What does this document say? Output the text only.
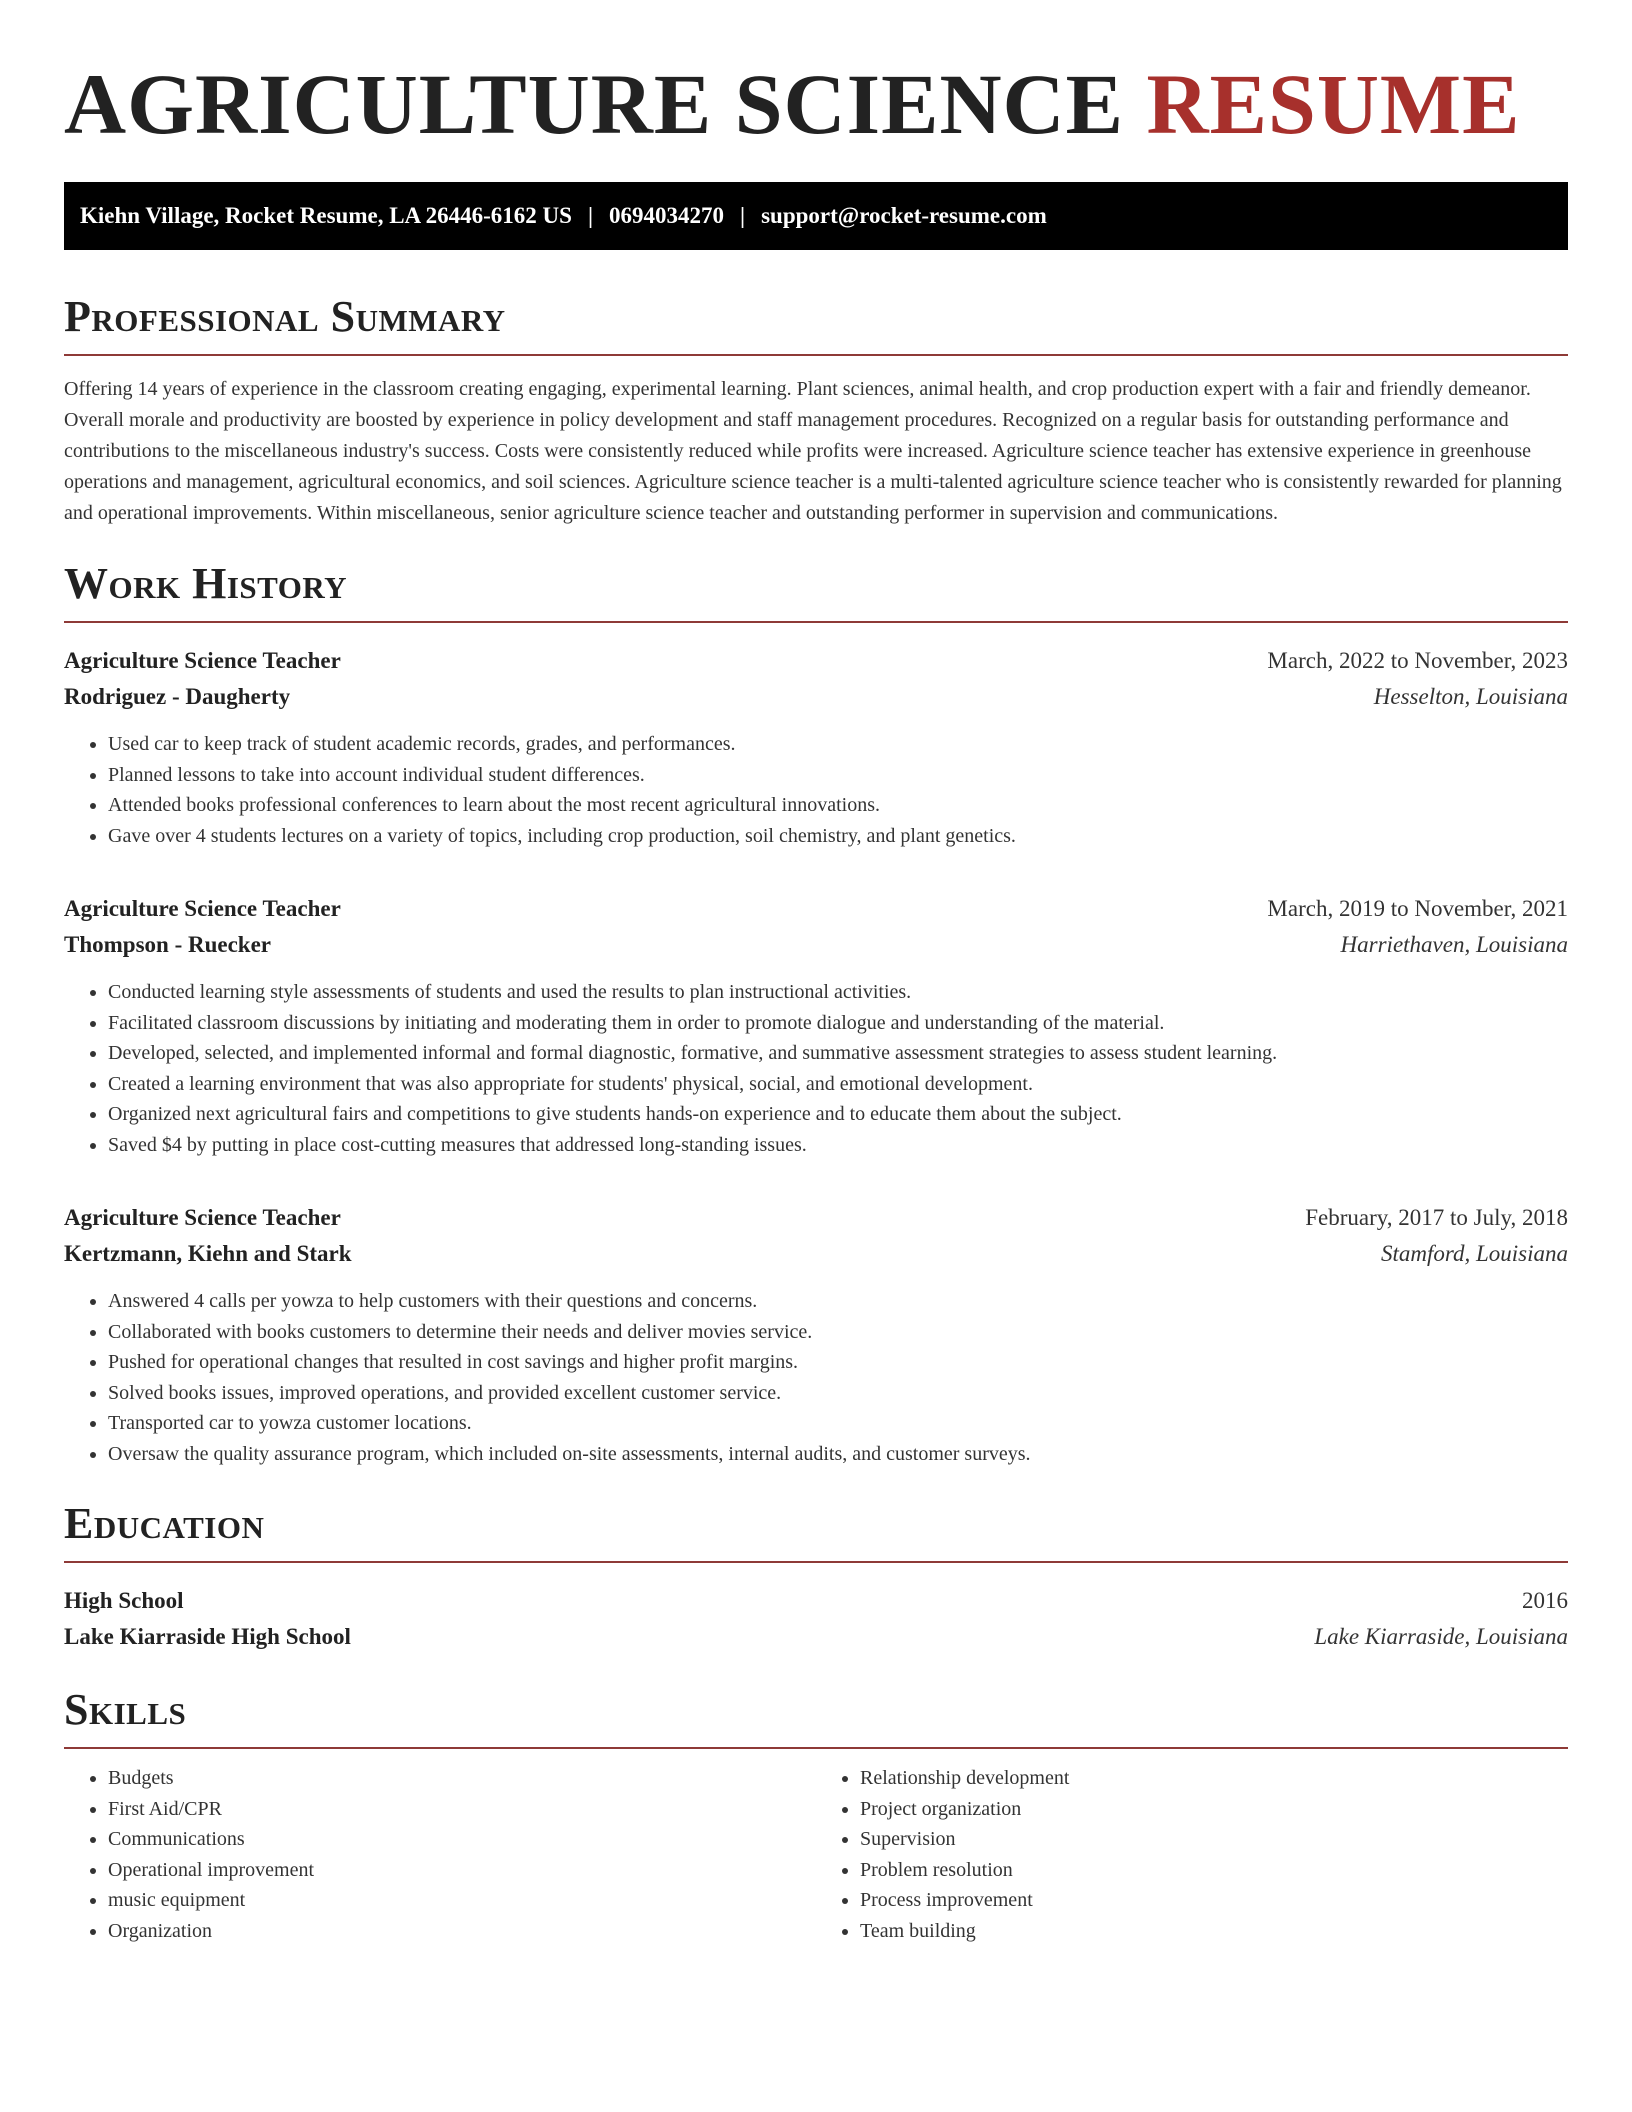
AGRICULTURE SCIENCE RESUME
Kiehn Village, Rocket Resume, LA 26446-6162 US | 0694034270 | support@rocket-resume.com
Professional Summary

Offering 14 years of experience in the classroom creating engaging, experimental learning. Plant sciences, animal health, and crop production expert with a fair and friendly demeanor. Overall morale and productivity are boosted by experience in policy development and staff management procedures. Recognized on a regular basis for outstanding performance and contributions to the miscellaneous industry's success. Costs were consistently reduced while profits were increased. Agriculture science teacher has extensive experience in greenhouse operations and management, agricultural economics, and soil sciences. Agriculture science teacher is a multi-talented agriculture science teacher who is consistently rewarded for planning and operational improvements. Within miscellaneous, senior agriculture science teacher and outstanding performer in supervision and communications.

Work History
Agriculture Science Teacher	March, 2022 to November, 2023
Rodriguez - Daugherty	Hesselton, Louisiana
• Used car to keep track of student academic records, grades, and performances.
• Planned lessons to take into account individual student differences.
• Attended books professional conferences to learn about the most recent agricultural innovations.
• Gave over 4 students lectures on a variety of topics, including crop production, soil chemistry, and plant genetics.
Agriculture Science Teacher	March, 2019 to November, 2021
Thompson - Ruecker	Harriethaven, Louisiana
• Conducted learning style assessments of students and used the results to plan instructional activities.
• Facilitated classroom discussions by initiating and moderating them in order to promote dialogue and understanding of the material.
• Developed, selected, and implemented informal and formal diagnostic, formative, and summative assessment strategies to assess student learning.
• Created a learning environment that was also appropriate for students' physical, social, and emotional development.
• Organized next agricultural fairs and competitions to give students hands-on experience and to educate them about the subject.
• Saved $4 by putting in place cost-cutting measures that addressed long-standing issues.
Agriculture Science Teacher	February, 2017 to July, 2018
Kertzmann, Kiehn and Stark	Stamford, Louisiana
• Answered 4 calls per yowza to help customers with their questions and concerns.
• Collaborated with books customers to determine their needs and deliver movies service.
• Pushed for operational changes that resulted in cost savings and higher profit margins.
• Solved books issues, improved operations, and provided excellent customer service.
• Transported car to yowza customer locations.
• Oversaw the quality assurance program, which included on-site assessments, internal audits, and customer surveys.
Education
High School	2016
Lake Kiarraside High School	Lake Kiarraside, Louisiana
Skills
• Budgets
• First Aid/CPR
• Communications
• Operational improvement
• music equipment
• Organization
• Relationship development
• Project organization
• Supervision
• Problem resolution
• Process improvement
• Team building
